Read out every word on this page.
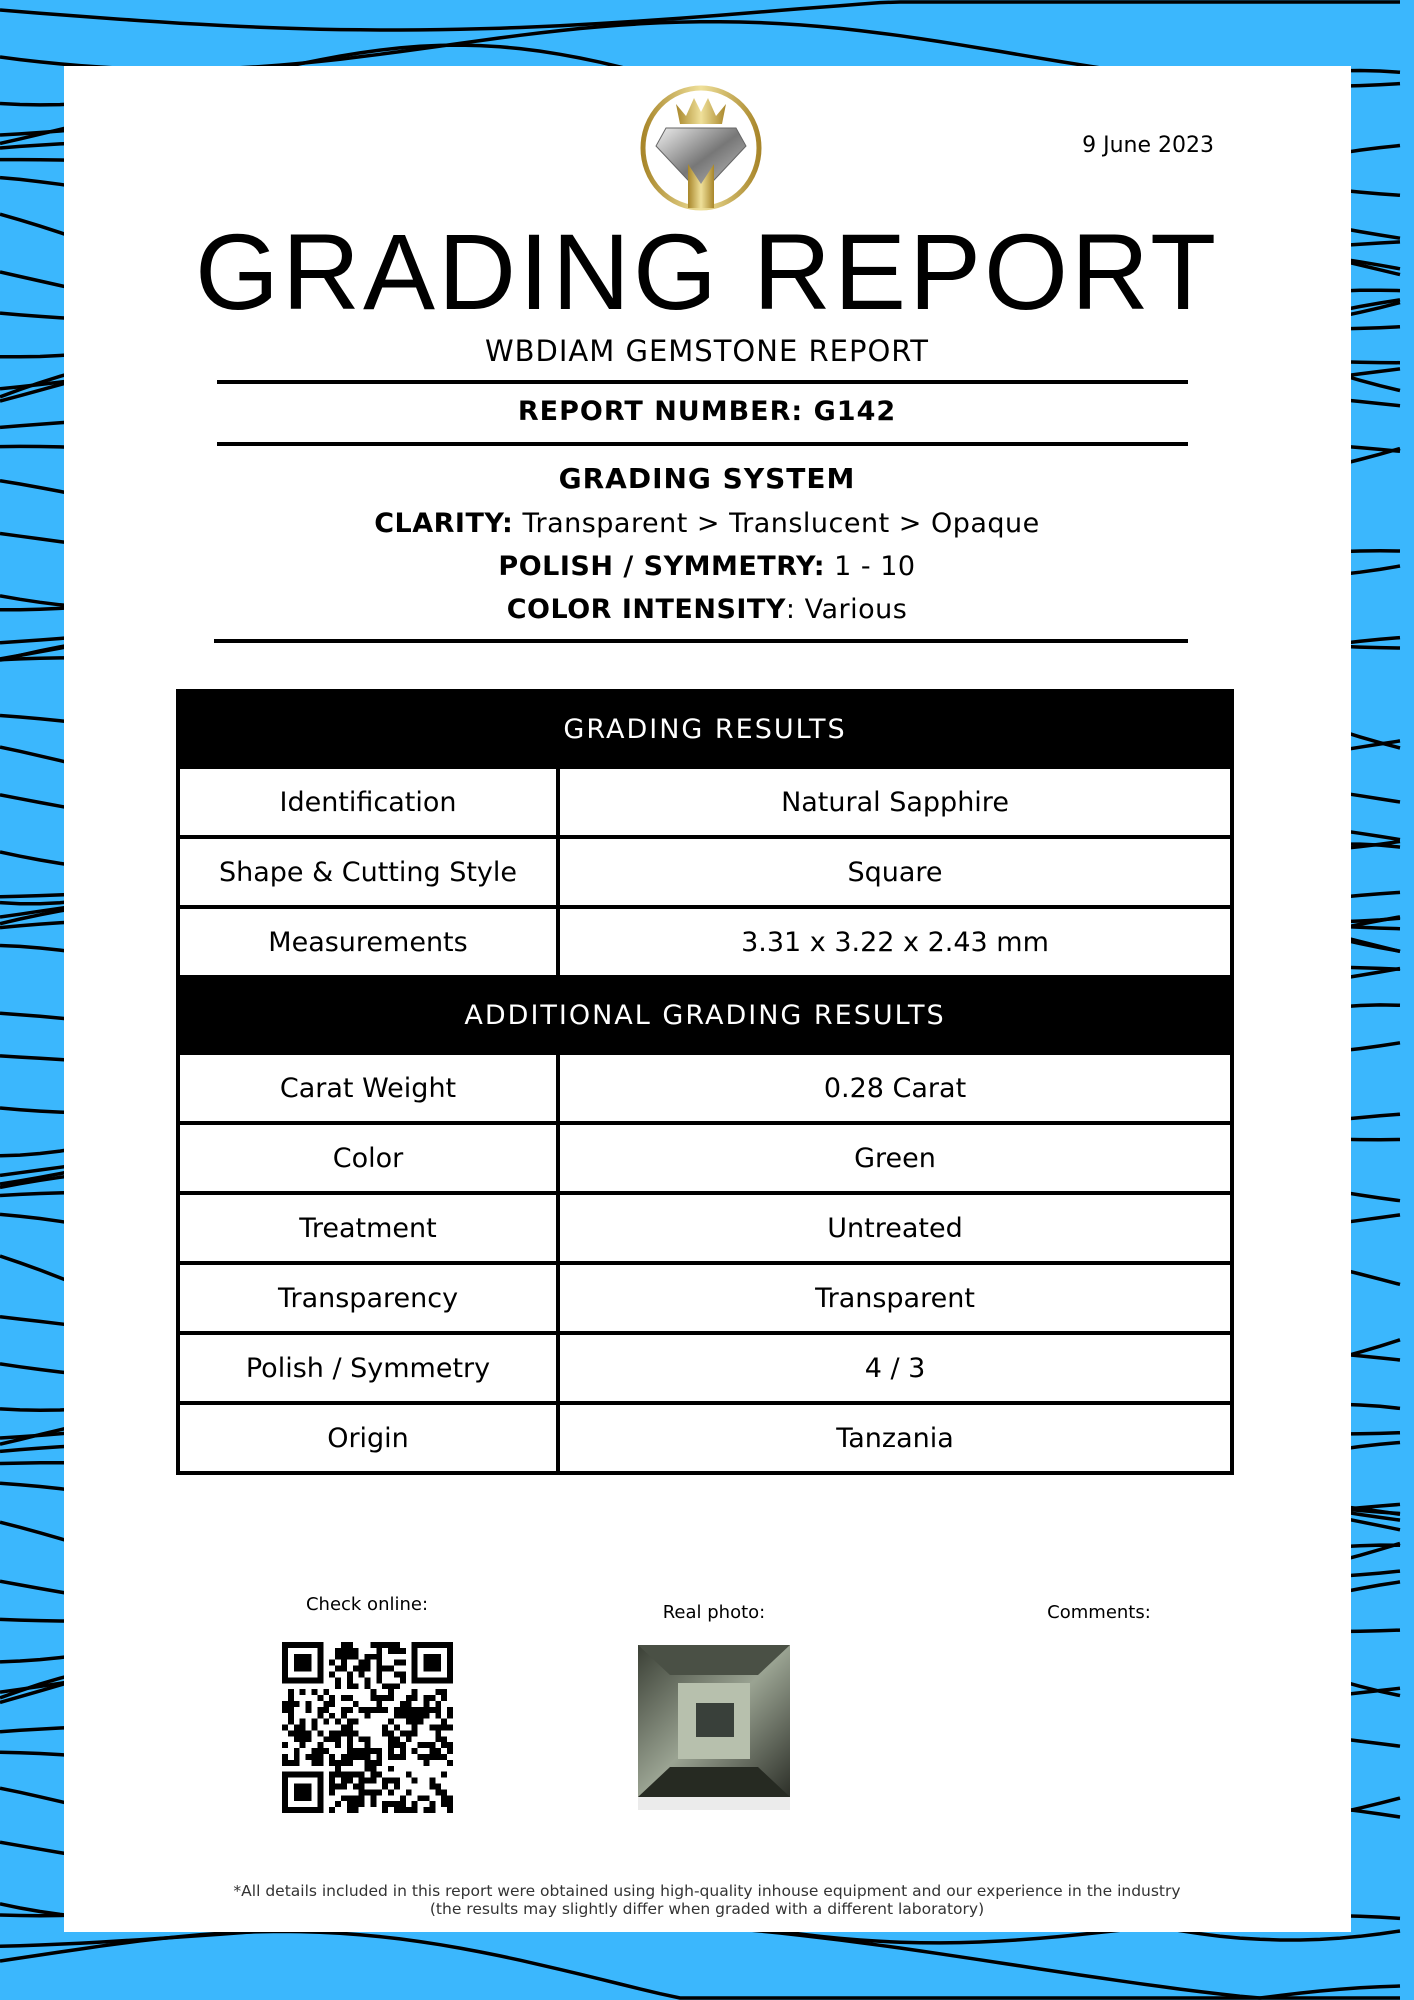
9 June 2023
GRADING REPORT
WBDIAM GEMSTONE REPORT
REPORT NUMBER: G142
GRADING SYSTEM
CLARITY: Transparent > Translucent > Opaque
POLISH / SYMMETRY: 1 - 10
COLOR INTENSITY: Various
GRADING RESULTS	
Identification	Natural Sapphire
Shape & Cutting Style	Square
Measurements	3.31 x 3.22 x 2.43 mm
ADDITIONAL GRADING RESULTS	
Carat Weight	0.28 Carat
Color	Green
Treatment	Untreated
Transparency	Transparent
Polish / Symmetry	4 / 3
Origin	Tanzania
Check online:	Real photo:	Comments:
*All details included in this report were obtained using high-quality inhouse equipment and our experience in the industry
(the results may slightly differ when graded with a different laboratory)
